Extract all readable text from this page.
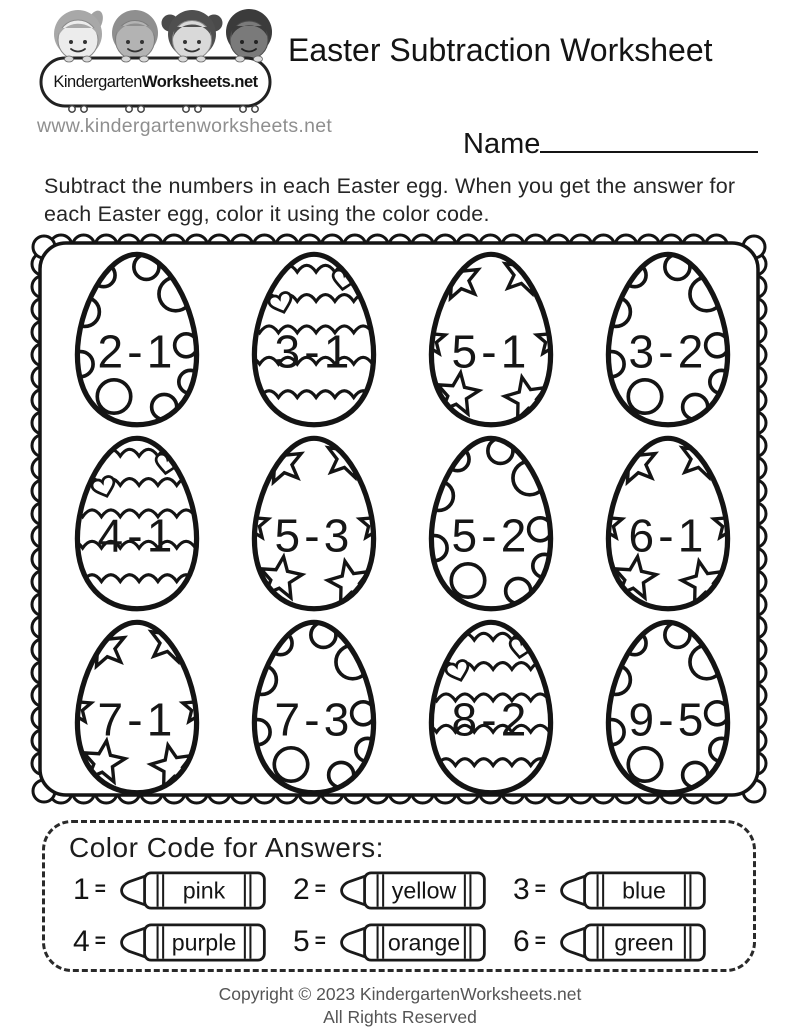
Kindergarten Worksheets.net
www.kindergartenworksheets.net
Easter Subtraction Worksheet
Name
Subtract the numbers in each Easter egg. When you get the answer for each Easter egg, color it using the color code.
2-1 3-1 5-1 3-2
4-1 5-3 5-2 6-1
7-1 7-3 8-2 9-5
Color Code for Answers:
1 =	pink 2 =	yellow 3 =	blue
4 =	purple 5 = orange 6 =	green
Copyright © 2023 KindergartenWorksheets.net
All Rights Reserved
